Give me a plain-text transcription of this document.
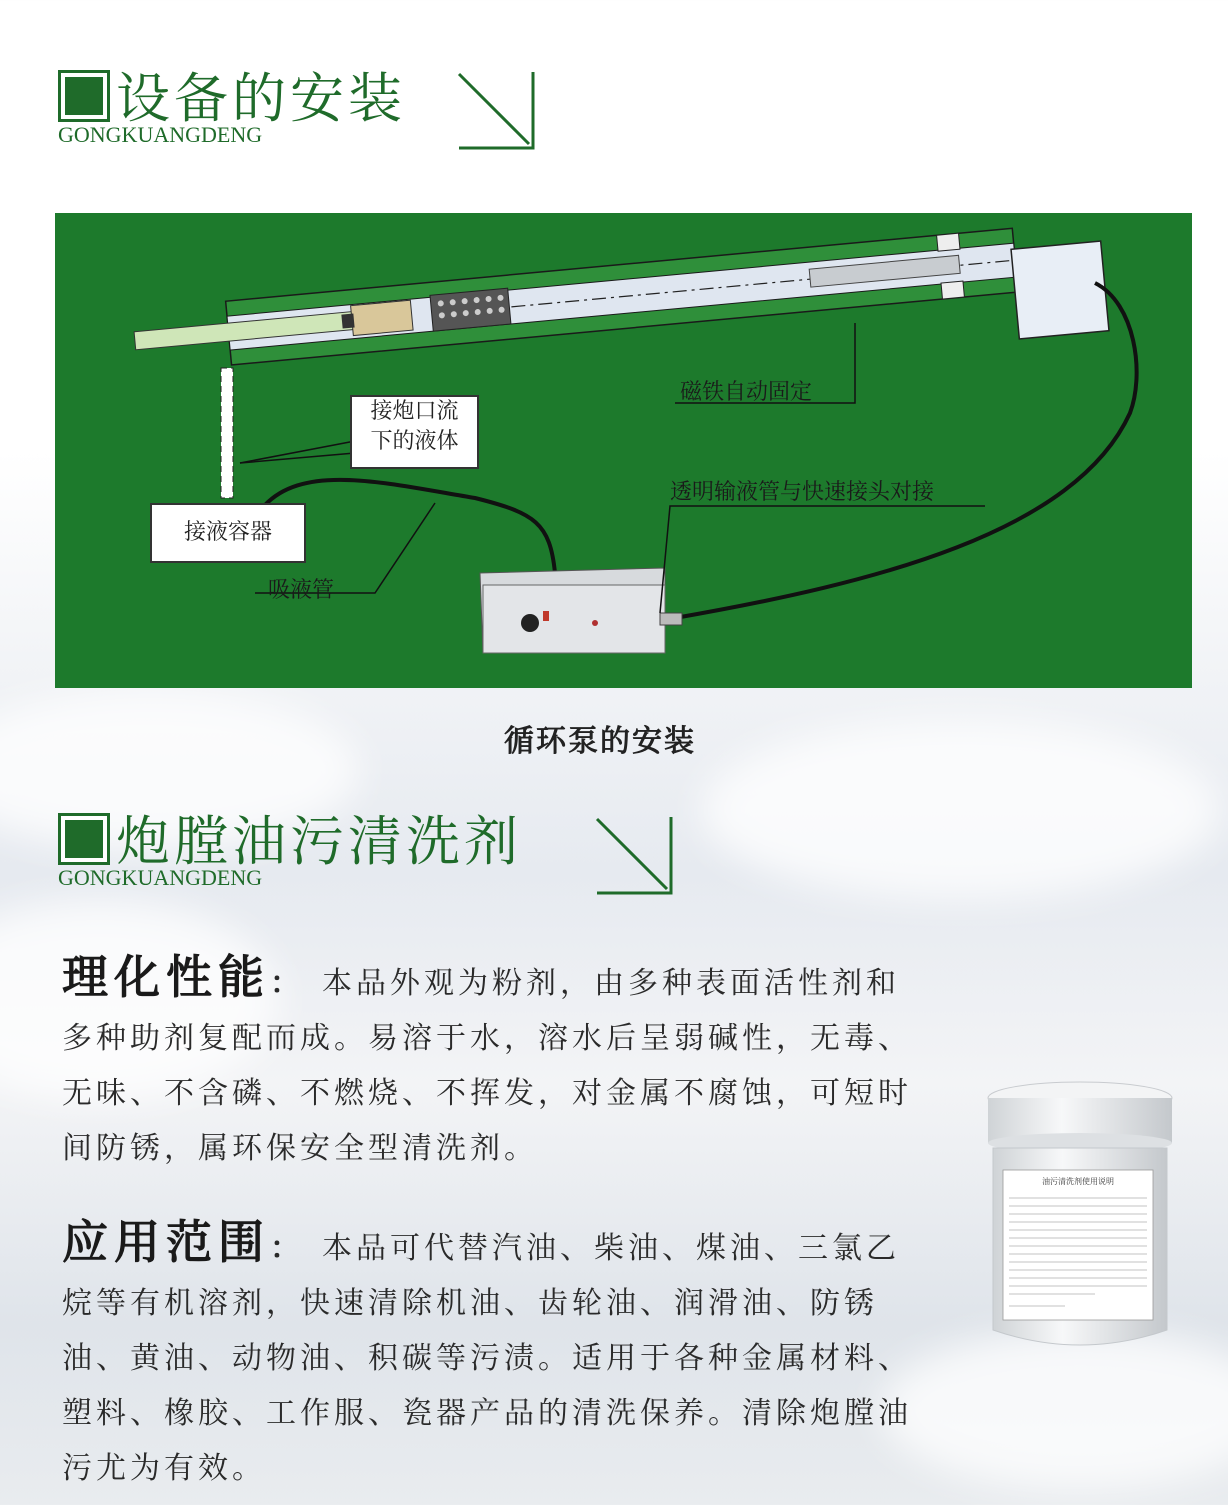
设备的安装
GONGKUANGDENG
接炮口流
下的液体
接液容器
吸液管
磁铁自动固定
透明输液管与快速接头对接
循环泵的安装
炮膛油污清洗剂
GONGKUANGDENG
理化性能： 本品外观为粉剂，由多种表面活性剂和多种助剂复配而成。易溶于水，溶水后呈弱碱性，无毒、无味、不含磷、不燃烧、不挥发，对金属不腐蚀，可短时间防锈，属环保安全型清洗剂。
应用范围： 本品可代替汽油、柴油、煤油、三氯乙烷等有机溶剂，快速清除机油、齿轮油、润滑油、防锈油、黄油、动物油、积碳等污渍。适用于各种金属材料、塑料、橡胶、工作服、瓷器产品的清洗保养。清除炮膛油污尤为有效。
油污清洗剂使用说明
